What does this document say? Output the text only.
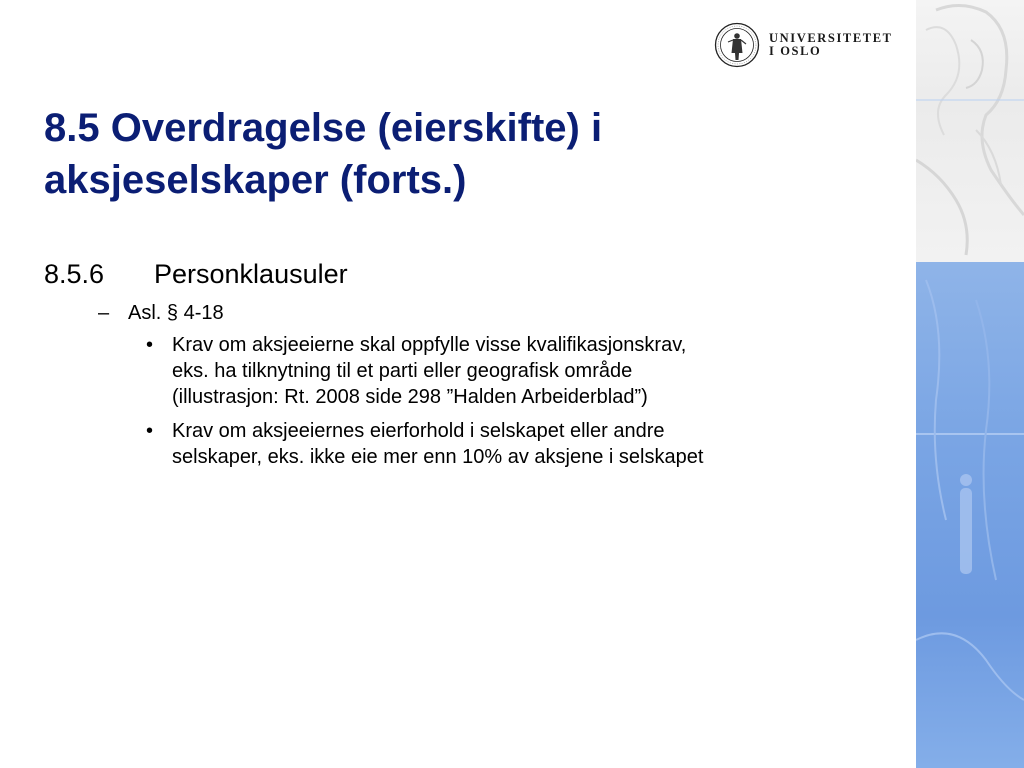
UNIVERSITETET
I OSLO
8.5 Overdragelse (eierskifte) i
aksjeselskaper (forts.)
8.5.6 Personklausuler
– Asl. § 4-18
• Krav om aksjeeierne skal oppfylle visse kvalifikasjonskrav,
eks. ha tilknytning til et parti eller geografisk område
(illustrasjon: Rt. 2008 side 298 ”Halden Arbeiderblad”)
• Krav om aksjeeiernes eierforhold i selskapet eller andre
selskaper, eks. ikke eie mer enn 10% av aksjene i selskapet
